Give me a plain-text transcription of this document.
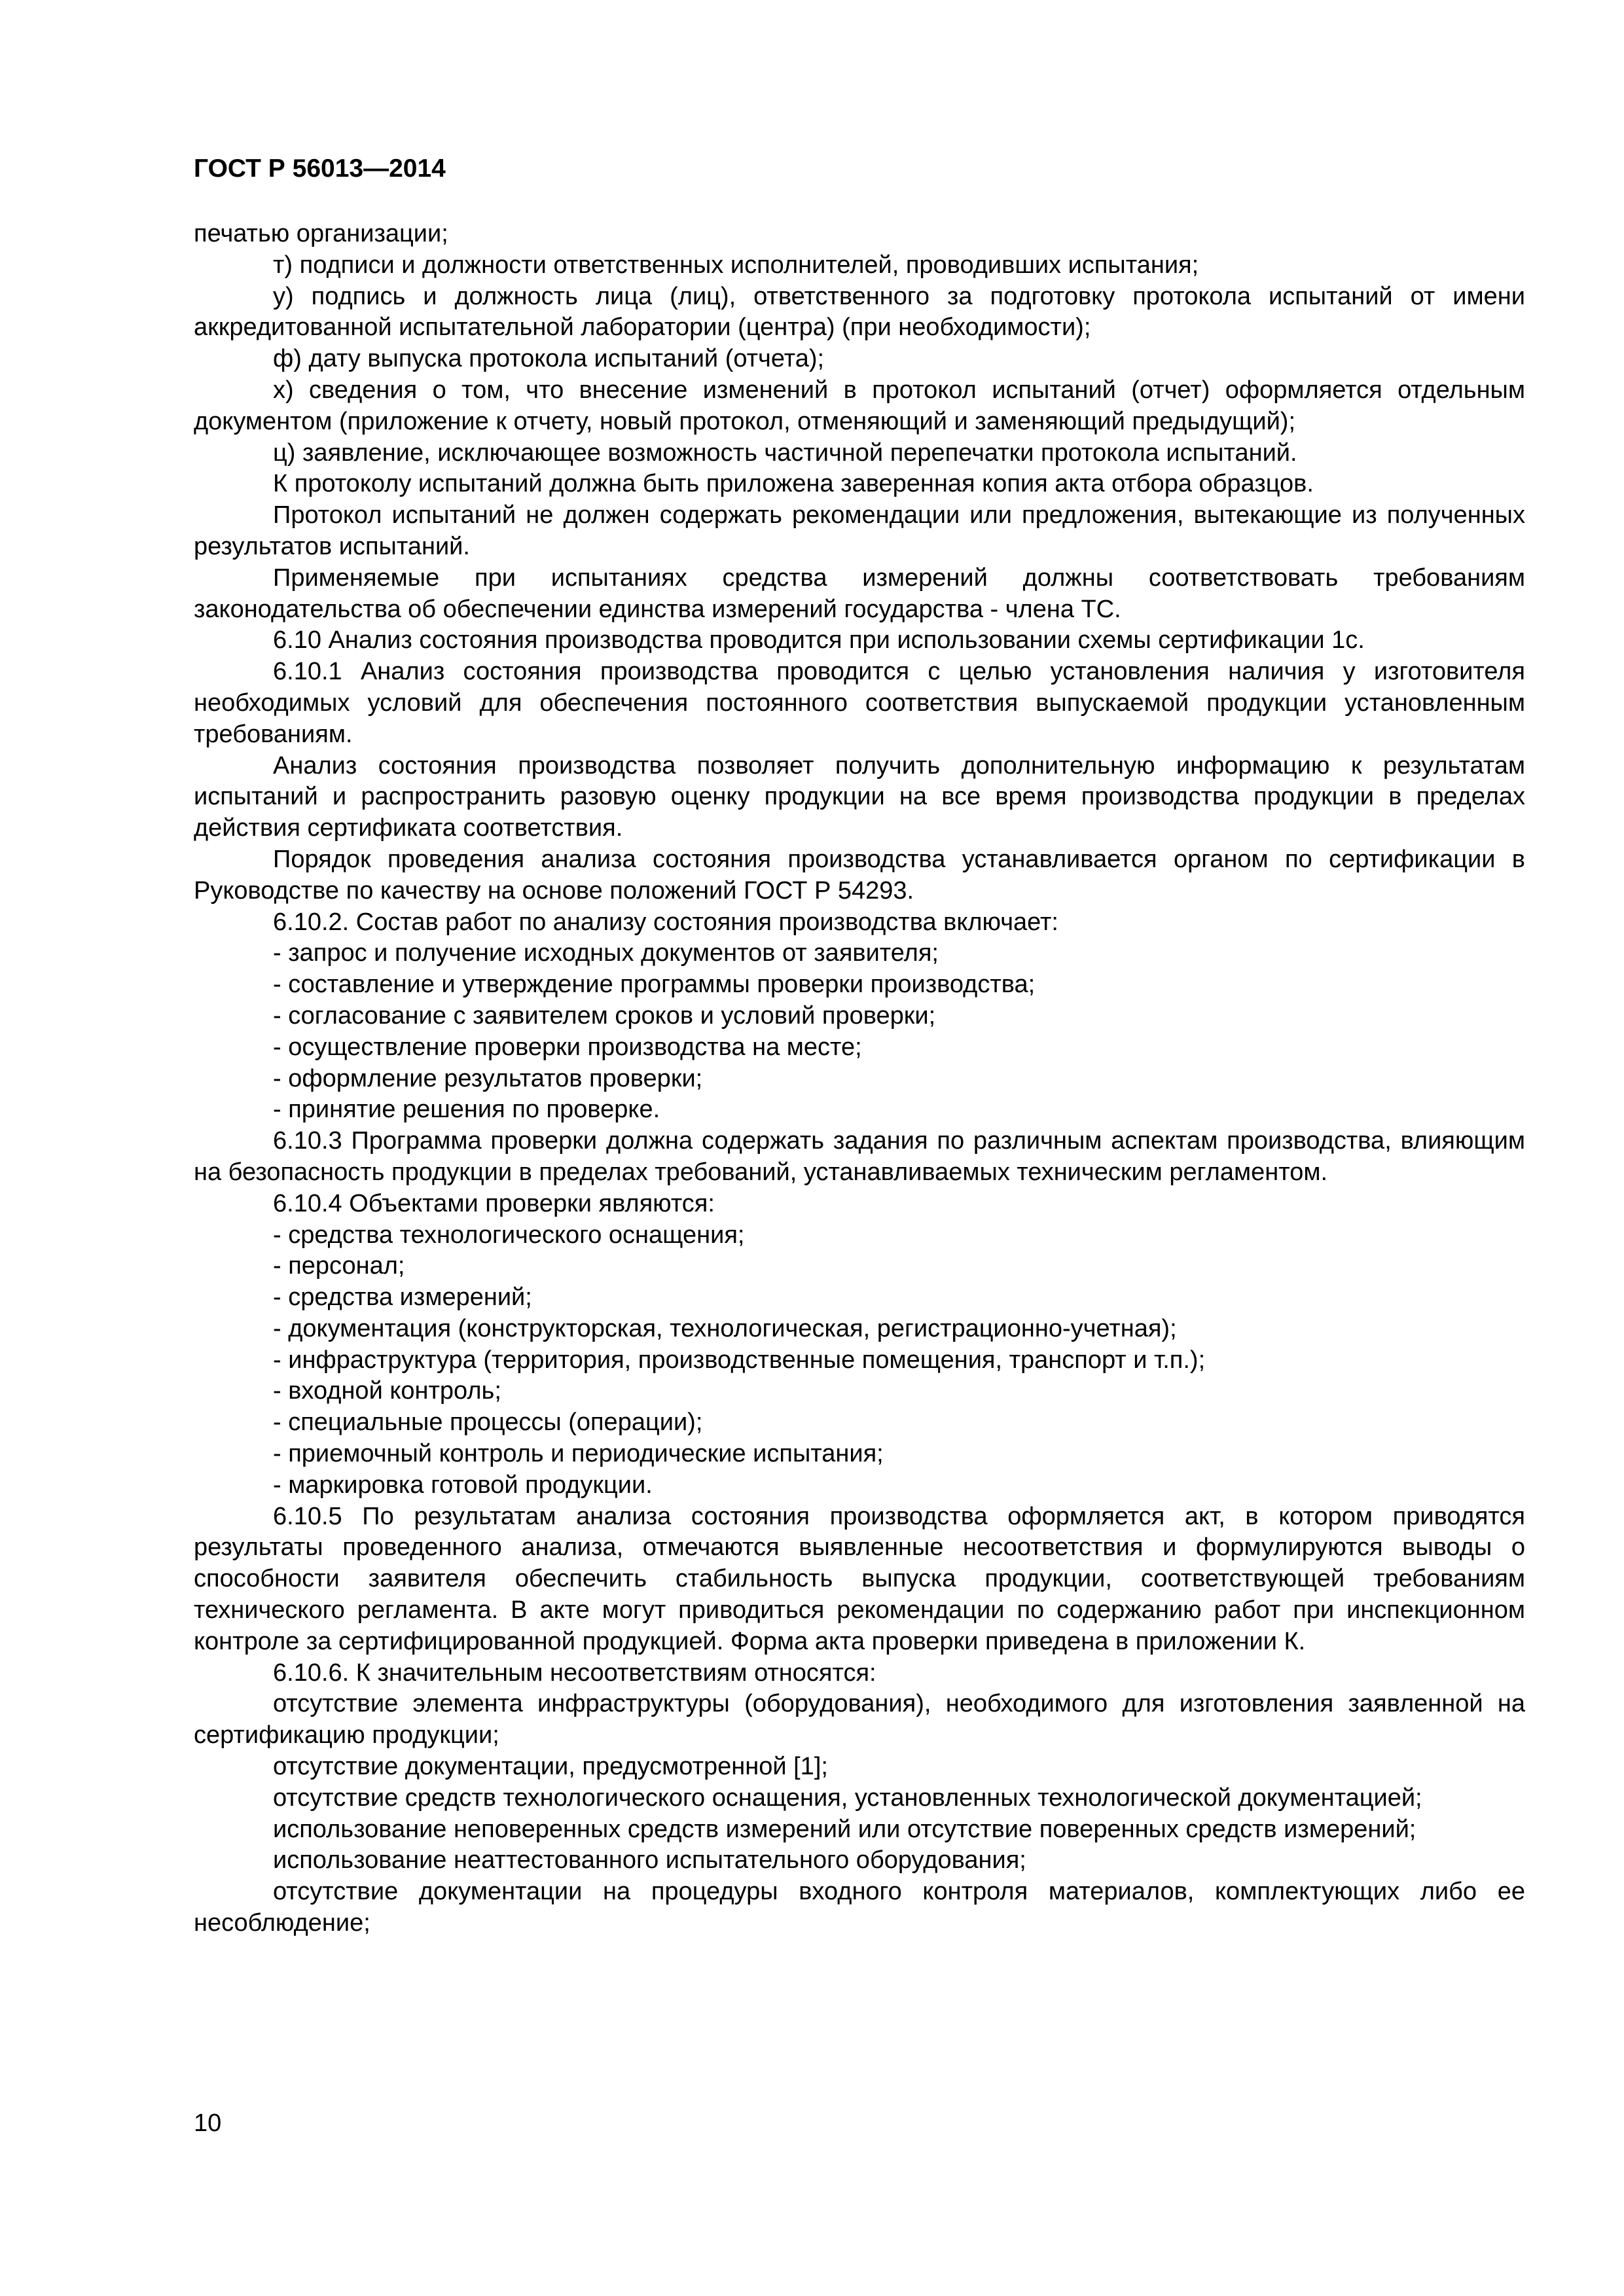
ГОСТ Р 56013—2014

печатью организации;

т) подписи и должности ответственных исполнителей, проводивших испытания;

у) подпись и должность лица (лиц), ответственного за подготовку протокола испытаний от имени аккредитованной испытательной лаборатории (центра) (при необходимости);

ф) дату выпуска протокола испытаний (отчета);

х) сведения о том, что внесение изменений в протокол испытаний (отчет) оформляется отдельным документом (приложение к отчету, новый протокол, отменяющий и заменяющий предыдущий);

ц) заявление, исключающее возможность частичной перепечатки протокола испытаний.

К протоколу испытаний должна быть приложена заверенная копия акта отбора образцов.

Протокол испытаний не должен содержать рекомендации или предложения, вытекающие из полученных результатов испытаний.

Применяемые при испытаниях средства измерений должны соответствовать требованиям законодательства об обеспечении единства измерений государства - члена ТС.

6.10 Анализ состояния производства проводится при использовании схемы сертификации 1с.

6.10.1 Анализ состояния производства проводится с целью установления наличия у изготовителя необходимых условий для обеспечения постоянного соответствия выпускаемой продукции установленным требованиям.

Анализ состояния производства позволяет получить дополнительную информацию к результатам испытаний и распространить разовую оценку продукции на все время производства продукции в пределах действия сертификата соответствия.

Порядок проведения анализа состояния производства устанавливается органом по сертификации в Руководстве по качеству на основе положений ГОСТ Р 54293.

6.10.2. Состав работ по анализу состояния производства включает:

- запрос и получение исходных документов от заявителя;

- составление и утверждение программы проверки производства;

- согласование с заявителем сроков и условий проверки;

- осуществление проверки производства на месте;

- оформление результатов проверки;

- принятие решения по проверке.

6.10.3 Программа проверки должна содержать задания по различным аспектам производства, влияющим на безопасность продукции в пределах требований, устанавливаемых техническим регламентом.

6.10.4 Объектами проверки являются:

- средства технологического оснащения;

- персонал;

- средства измерений;

- документация (конструкторская, технологическая, регистрационно-учетная);

- инфраструктура (территория, производственные помещения, транспорт и т.п.);

- входной контроль;

- специальные процессы (операции);

- приемочный контроль и периодические испытания;

- маркировка готовой продукции.

6.10.5 По результатам анализа состояния производства оформляется акт, в котором приводятся результаты проведенного анализа, отмечаются выявленные несоответствия и формулируются выводы о способности заявителя обеспечить стабильность выпуска продукции, соответствующей требованиям технического регламента. В акте могут приводиться рекомендации по содержанию работ при инспекционном контроле за сертифицированной продукцией. Форма акта проверки приведена в приложении К.

6.10.6. К значительным несоответствиям относятся:

отсутствие элемента инфраструктуры (оборудования), необходимого для изготовления заявленной на сертификацию продукции;

отсутствие документации, предусмотренной [1];

отсутствие средств технологического оснащения, установленных технологической документацией;

использование неповеренных средств измерений или отсутствие поверенных средств измерений;

использование неаттестованного испытательного оборудования;

отсутствие документации на процедуры входного контроля материалов, комплектующих либо ее несоблюдение;

10
